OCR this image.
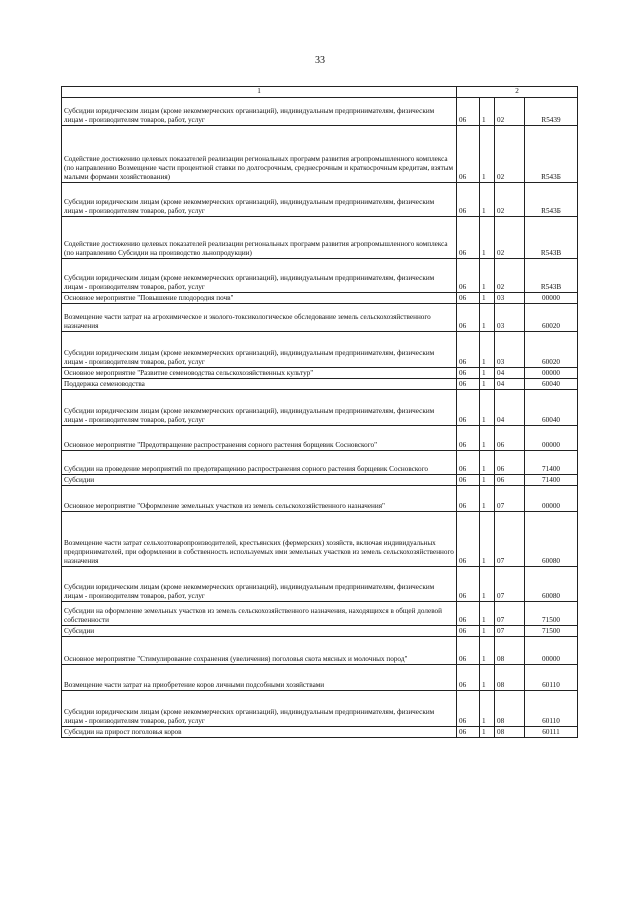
33
1	2			
Субсидии юридическим лицам (кроме некоммерческих организаций), индивидуальным предпринимателям, физическим лицам - производителям товаров, работ, услуг	06	1	02	R5439
Содействие достижению целевых показателей реализации региональных программ развития агропромышленного комплекса (по направлению Возмещение части процентной ставки по долгосрочным, среднесрочным и краткосрочным кредитам, взятым малыми формами хозяйствования)	06	1	02	R543Б
Субсидии юридическим лицам (кроме некоммерческих организаций), индивидуальным предпринимателям, физическим лицам - производителям товаров, работ, услуг	06	1	02	R543Б
Содействие достижению целевых показателей реализации региональных программ развития агропромышленного комплекса (по направлению Субсидии на производство льнопродукции)	06	1	02	R543В
Субсидии юридическим лицам (кроме некоммерческих организаций), индивидуальным предпринимателям, физическим лицам - производителям товаров, работ, услуг	06	1	02	R543В
Основное мероприятие "Повышение плодородия почв"	06	1	03	00000
Возмещение части затрат на агрохимическое и эколого-токсикологическое обследование земель сельскохозяйственного назначения	06	1	03	60020
Субсидии юридическим лицам (кроме некоммерческих организаций), индивидуальным предпринимателям, физическим лицам - производителям товаров, работ, услуг	06	1	03	60020
Основное мероприятие "Развитие семеноводства сельскохозяйственных культур"	06	1	04	00000
Поддержка семеноводства	06	1	04	60040
Субсидии юридическим лицам (кроме некоммерческих организаций), индивидуальным предпринимателям, физическим лицам - производителям товаров, работ, услуг	06	1	04	60040
Основное мероприятие "Предотвращение распространения сорного растения борщевик Сосновского"	06	1	06	00000
Субсидии на проведение мероприятий по предотвращению распространения сорного растения борщевик Сосновского	06	1	06	71400
Субсидии	06	1	06	71400
Основное мероприятие "Оформление земельных участков из земель сельскохозяйственного назначения"	06	1	07	00000
Возмещение части затрат сельхозтоваропроизводителей, крестьянских (фермерских) хозяйств, включая индивидуальных предпринимателей, при оформлении в собственность используемых ими земельных участков из земель сельскохозяйственного назначения	06	1	07	60080
Субсидии юридическим лицам (кроме некоммерческих организаций), индивидуальным предпринимателям, физическим лицам - производителям товаров, работ, услуг	06	1	07	60080
Субсидии на оформление земельных участков из земель сельскохозяйственного назначения, находящихся в общей долевой собственности	06	1	07	71500
Субсидии	06	1	07	71500
Основное мероприятие "Стимулирование сохранения (увеличения) поголовья скота мясных и молочных пород"	06	1	08	00000
Возмещение части затрат на приобретение коров личными подсобными хозяйствами	06	1	08	60110
Субсидии юридическим лицам (кроме некоммерческих организаций), индивидуальным предпринимателям, физическим лицам - производителям товаров, работ, услуг	06	1	08	60110
Субсидии на прирост поголовья коров	06	1	08	60111
